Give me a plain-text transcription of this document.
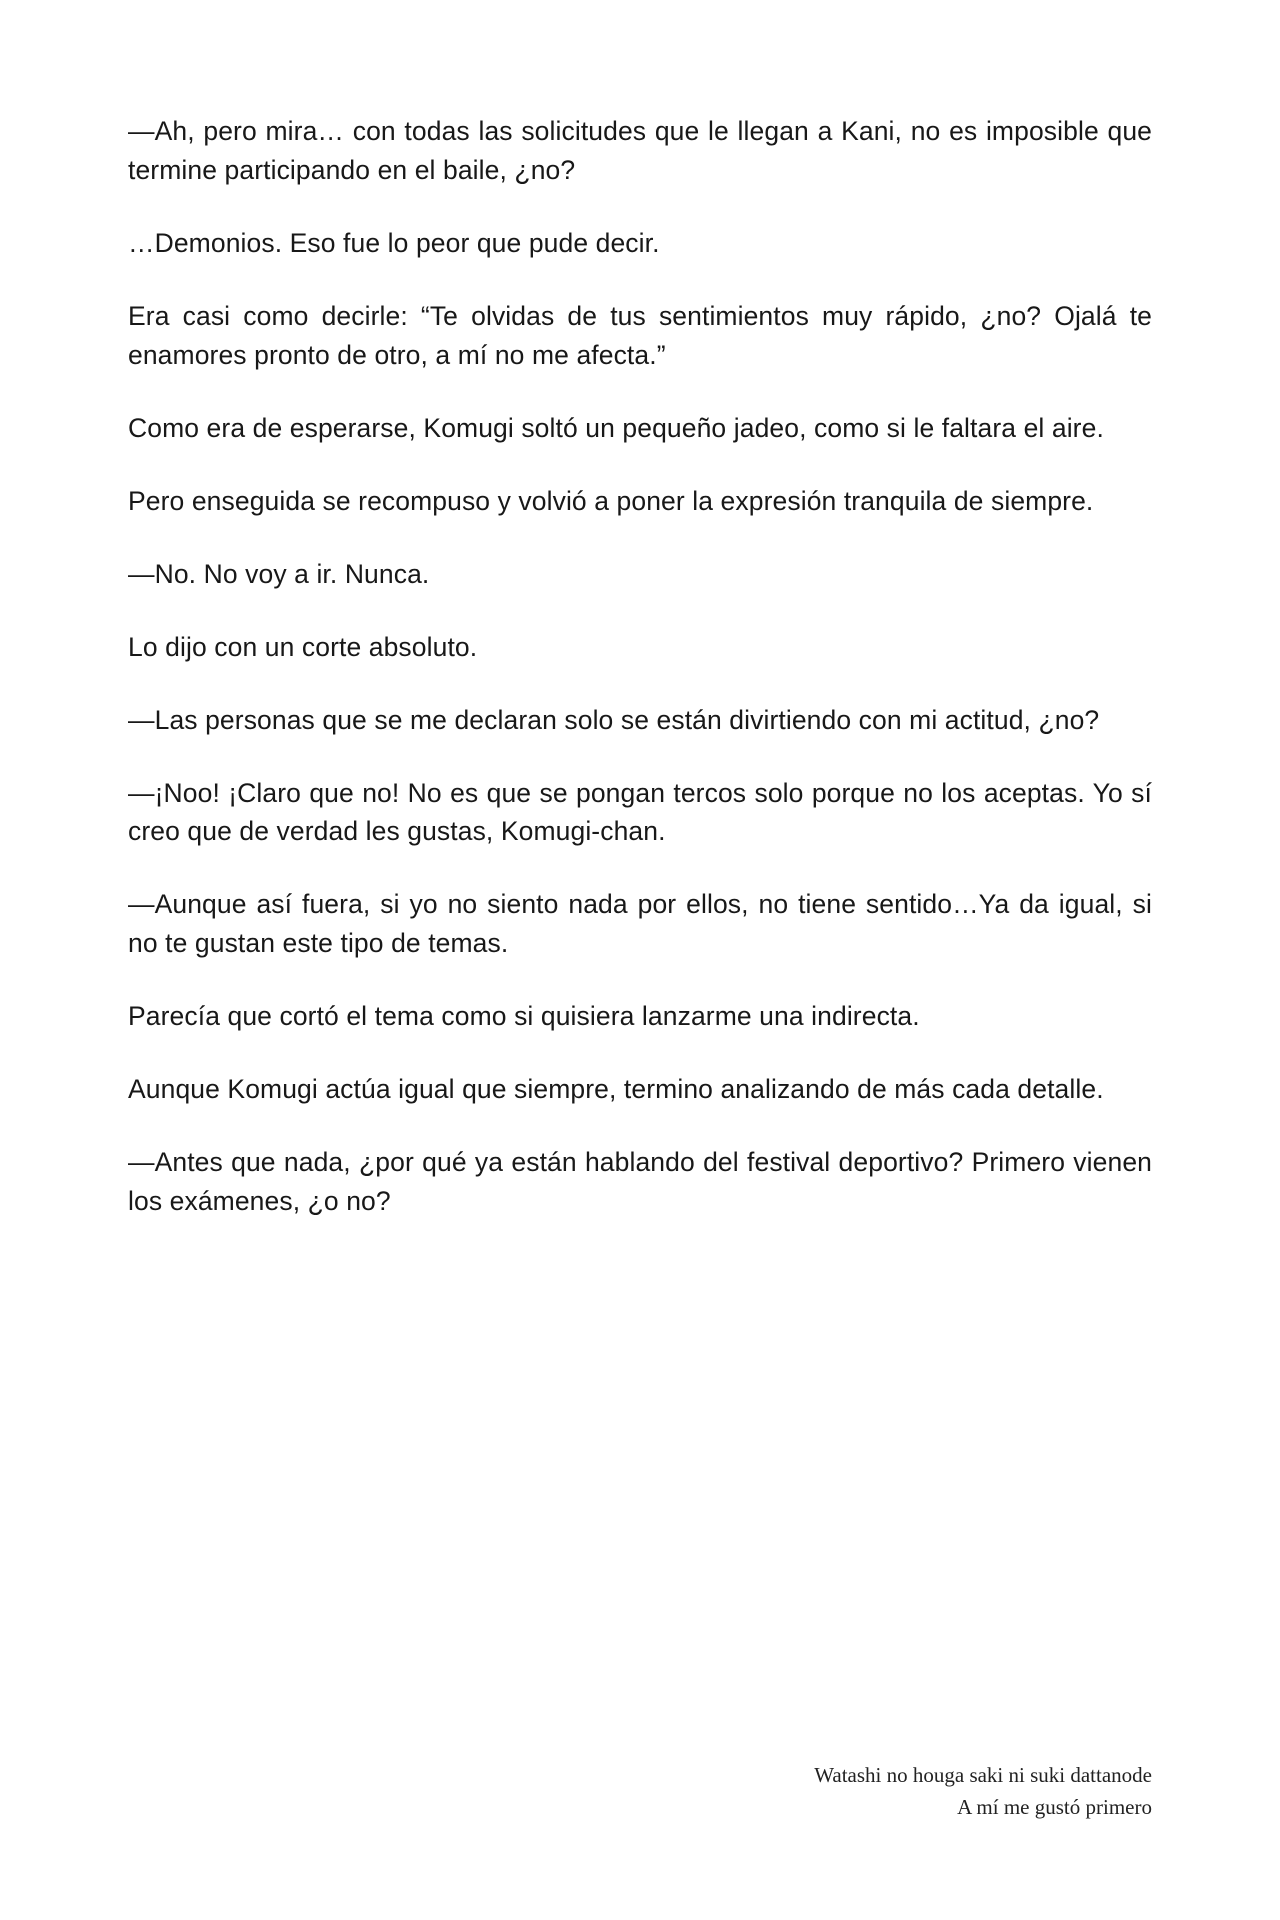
—Ah, pero mira… con todas las solicitudes que le llegan a Kani, no es imposible que termine participando en el baile, ¿no?

…Demonios. Eso fue lo peor que pude decir.

Era casi como decirle: “Te olvidas de tus sentimientos muy rápido, ¿no? Ojalá te enamores pronto de otro, a mí no me afecta.”

Como era de esperarse, Komugi soltó un pequeño jadeo, como si le faltara el aire.

Pero enseguida se recompuso y volvió a poner la expresión tranquila de siempre.

—No. No voy a ir. Nunca.

Lo dijo con un corte absoluto.

—Las personas que se me declaran solo se están divirtiendo con mi actitud, ¿no?

—¡Noo! ¡Claro que no! No es que se pongan tercos solo porque no los aceptas. Yo sí creo que de verdad les gustas, Komugi-chan.

—Aunque así fuera, si yo no siento nada por ellos, no tiene sentido…Ya da igual, si no te gustan este tipo de temas.

Parecía que cortó el tema como si quisiera lanzarme una indirecta.

Aunque Komugi actúa igual que siempre, termino analizando de más cada detalle.

—Antes que nada, ¿por qué ya están hablando del festival deportivo? Primero vienen los exámenes, ¿o no?

Watashi no houga saki ni suki dattanode
A mí me gustó primero
